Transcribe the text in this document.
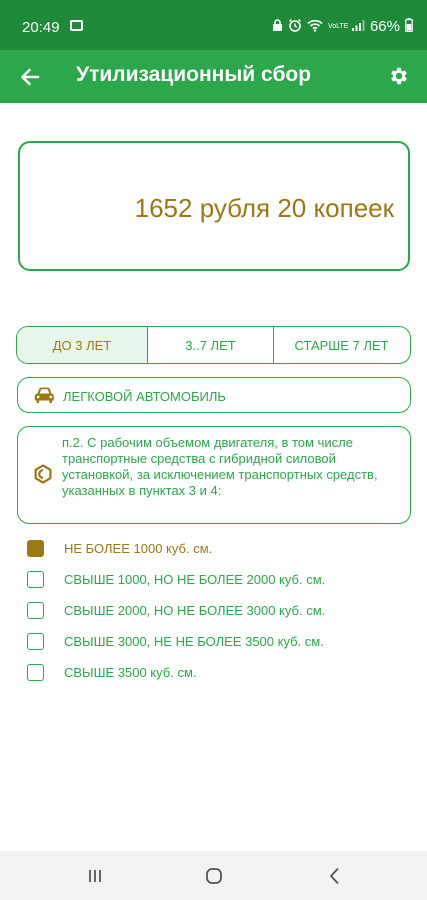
20:49	VoLTE 66%
Утилизационный сбор
1652 рубля 20 копеек
ДО 3 ЛЕТ	3..7 ЛЕТ	СТАРШЕ 7 ЛЕТ
ЛЕГКОВОЙ АВТОМОБИЛЬ
п.2. С рабочим объемом двигателя, в том числе транспортные средства с гибридной силовой установкой, за исключением транспортных средств, указанных в пунктах 3 и 4:
НЕ БОЛЕЕ 1000 куб. см.
СВЫШЕ 1000, НО НЕ БОЛЕЕ 2000 куб. см.
СВЫШЕ 2000, НО НЕ БОЛЕЕ 3000 куб. см.
СВЫШЕ 3000, НЕ НЕ БОЛЕЕ 3500 куб. см.
СВЫШЕ 3500 куб. см.
